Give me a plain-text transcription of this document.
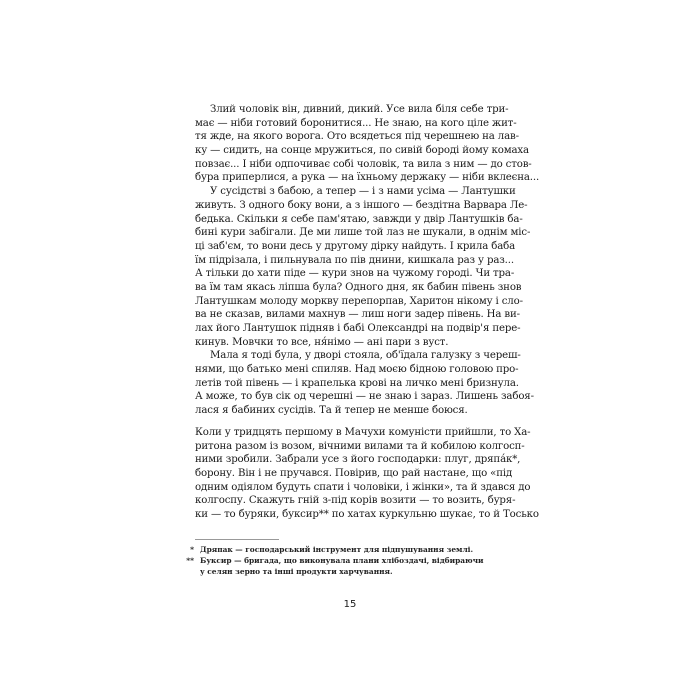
Злий чоловік він, дивний, дикий. Усе вила біля себе три-
має — ніби готовий боронитися... Не знаю, на кого ціле жит-
тя жде, на якого ворога. Ото всядеться під черешнею на лав-
ку — сидить, на сонце мружиться, по сивій бороді йому комаха
повзає... І ніби одпочиває собі чоловік, та вила з ним — до стов-
бура приперлися, а рука — на їхньому держаку — ніби вклеєна...
У сусідстві з бабою, а тепер — і з нами усіма — Лантушки
живуть. З одного боку вони, а з іншого — бездітна Варвара Ле-
бедька. Скільки я себе пам'ятаю, завжди у двір Лантушків ба-
бині кури забігали. Де ми лише той лаз не шукали, в однім міс-
ці заб'єм, то вони десь у другому дірку найдуть. І крила баба
їм підрізала, і пильнувала по пів днини, кишкала раз у раз...
А тільки до хати піде — кури знов на чужому городі. Чи тра-
ва їм там якась ліпша була? Одного дня, як бабин півень знов
Лантушкам молоду моркву перепорпав, Харитон нікому і сло-
ва не сказав, вилами махнув — лиш ноги задер півень. На ви-
лах його Лантушок підняв і бабі Олександрі на подвір'я пере-
кинув. Мовчки то все, ня́німо — ані пари з вуст.
Мала я тоді була, у дворі стояла, об'їдала галузку з череш-
нями, що батько мені спиляв. Над моєю бідною головою про-
летів той півень — і крапелька крові на личко мені бризнула.
А може, то був сік од черешні — не знаю і зараз. Лишень забоя-
лася я бабиних сусідів. Та й тепер не менше боюся.
Коли у тридцять першому в Мачухи комуністи прийшли, то Ха-
ритона разом із возом, вічними вилами та й кобилою колгосп-
ними зробили. Забрали усе з його господарки: плуг, дряпа́к*,
борону. Він і не пручався. Повірив, що рай настане, що «під
одним одіялом будуть спати і чоловіки, і жінки», та й здався до
колгоспу. Скажуть гній з-під корів возити — то возить, буря-
ки — то буряки, буксир** по хатах куркульню шукає, то й Тосько
* Дряпак — господарський інструмент для підпушування землі.
** Буксир — бригада, що виконувала плани хлібоздачі, відбираючи у селян зерно та інші продукти харчування.
15
